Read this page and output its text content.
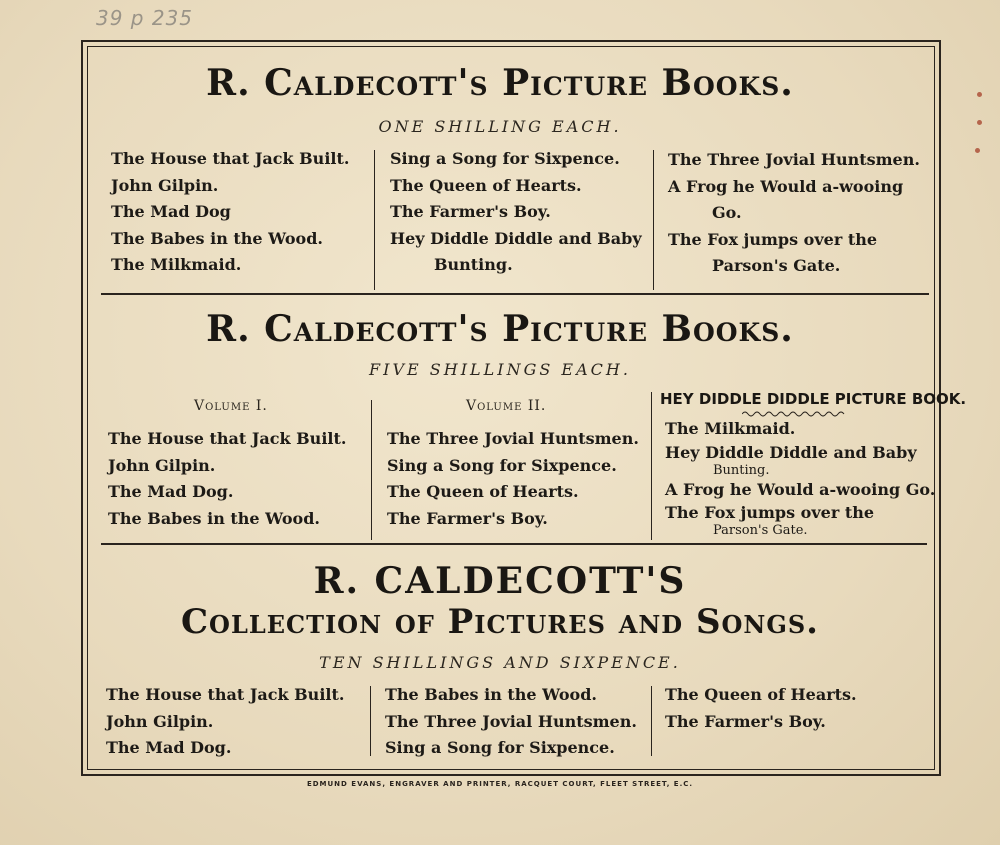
39 p 235
R. Caldecott's Picture Books.
ONE SHILLING EACH.
The House that Jack Built.
John Gilpin.
The Mad Dog
The Babes in the Wood.
The Milkmaid.
Sing a Song for Sixpence.
The Queen of Hearts.
The Farmer's Boy.
Hey Diddle Diddle and Baby
Bunting.
The Three Jovial Huntsmen.
A Frog he Would a-wooing
Go.
The Fox jumps over the
Parson's Gate.
R. Caldecott's Picture Books.
FIVE SHILLINGS EACH.
Volume I.	Volume II.	HEY DIDDLE DIDDLE PICTURE BOOK.
The House that Jack Built.
John Gilpin.
The Mad Dog.
The Babes in the Wood.
The Three Jovial Huntsmen.
Sing a Song for Sixpence.
The Queen of Hearts.
The Farmer's Boy.
The Milkmaid.
Hey Diddle Diddle and Baby
Bunting.
A Frog he Would a-wooing Go.
The Fox jumps over the
Parson's Gate.
R. CALDECOTT'S
Collection of Pictures and Songs.
TEN SHILLINGS AND SIXPENCE.
The House that Jack Built.
John Gilpin.
The Mad Dog.
The Babes in the Wood.
The Three Jovial Huntsmen.
Sing a Song for Sixpence.
The Queen of Hearts.
The Farmer's Boy.
EDMUND EVANS, ENGRAVER AND PRINTER, RACQUET COURT, FLEET STREET, E.C.
